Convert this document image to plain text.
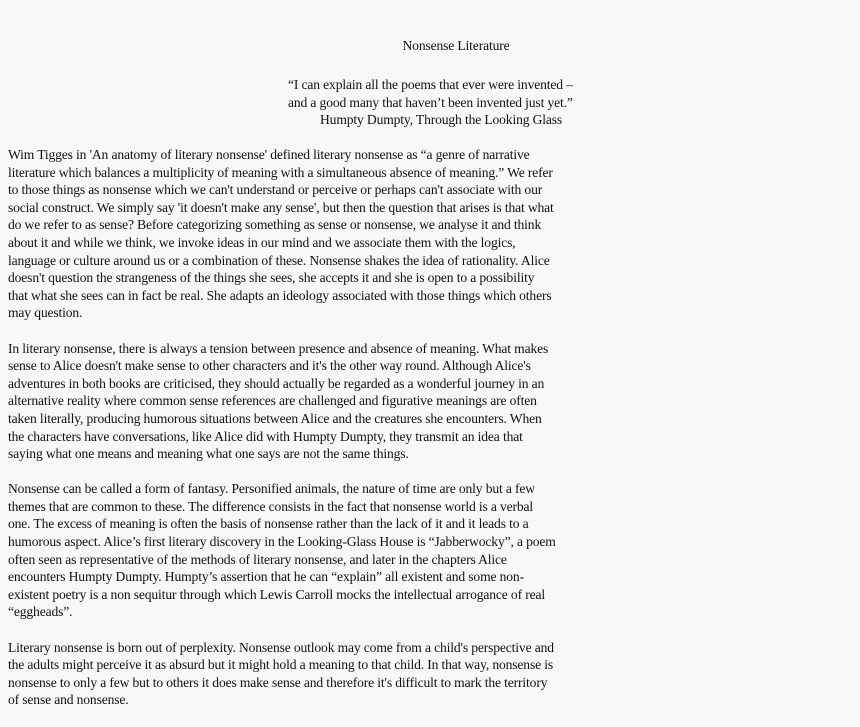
Nonsense Literature
“I can explain all the poems that ever were invented –
and a good many that haven’t been invented just yet.”
Humpty Dumpty, Through the Looking Glass

Wim Tigges in 'An anatomy of literary nonsense' defined literary nonsense as “a genre of narrative
literature which balances a multiplicity of meaning with a simultaneous absence of meaning.” We refer
to those things as nonsense which we can't understand or perceive or perhaps can't associate with our
social construct. We simply say 'it doesn't make any sense', but then the question that arises is that what
do we refer to as sense? Before categorizing something as sense or nonsense, we analyse it and think
about it and while we think, we invoke ideas in our mind and we associate them with the logics,
language or culture around us or a combination of these. Nonsense shakes the idea of rationality. Alice
doesn't question the strangeness of the things she sees, she accepts it and she is open to a possibility
that what she sees can in fact be real. She adapts an ideology associated with those things which others
may question.

In literary nonsense, there is always a tension between presence and absence of meaning. What makes
sense to Alice doesn't make sense to other characters and it's the other way round. Although Alice's
adventures in both books are criticised, they should actually be regarded as a wonderful journey in an
alternative reality where common sense references are challenged and figurative meanings are often
taken literally, producing humorous situations between Alice and the creatures she encounters. When
the characters have conversations, like Alice did with Humpty Dumpty, they transmit an idea that
saying what one means and meaning what one says are not the same things.

Nonsense can be called a form of fantasy. Personified animals, the nature of time are only but a few
themes that are common to these. The difference consists in the fact that nonsense world is a verbal
one. The excess of meaning is often the basis of nonsense rather than the lack of it and it leads to a
humorous aspect. Alice’s first literary discovery in the Looking-Glass House is “Jabberwocky”, a poem
often seen as representative of the methods of literary nonsense, and later in the chapters Alice
encounters Humpty Dumpty. Humpty’s assertion that he can “explain” all existent and some non-
existent poetry is a non sequitur through which Lewis Carroll mocks the intellectual arrogance of real
“eggheads”.

Literary nonsense is born out of perplexity. Nonsense outlook may come from a child's perspective and
the adults might perceive it as absurd but it might hold a meaning to that child. In that way, nonsense is
nonsense to only a few but to others it does make sense and therefore it's difficult to mark the territory
of sense and nonsense.
